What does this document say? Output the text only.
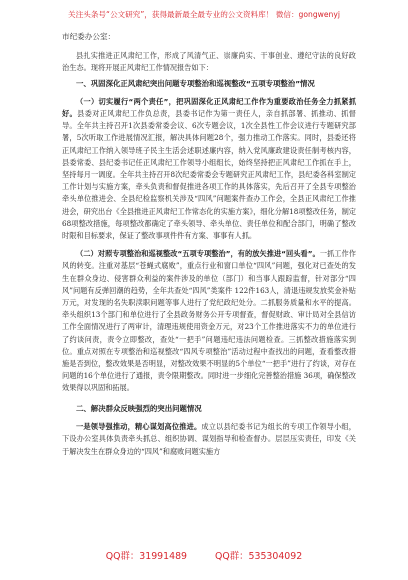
关注头条号“公文研究”，获得最新最全最专业的公文资料库！ 微信：gongwenyj

市纪委办公室：

县扎实推进正风肃纪工作，形成了风清气正、崇廉尚实、干事创业、遵纪守法的良好政治生态。现将开展正风肃纪工作情况报告如下：

一、巩固深化正风肃纪突出问题专项整治和巡视整改“五项专项整治”情况

（一）切实履行“两个责任”，把巩固深化正风肃纪工作作为重要政治任务全力抓紧抓好。县委对正风肃纪工作负总责，县委书记作为第一责任人，亲自抓部署、抓推动、抓督导。全年共主持召开1次县委常委会议、6次专题会议，1次全县性工作会议进行专题研究部署，5次听取工作进展情况汇报，解决具体问题28个，强力推动工作落实。同时，县委还将正风肃纪工作纳入领导班子民主生活会述职述廉内容，纳入党风廉政建设责任制考核内容，县委常委、县纪委书记任正风肃纪工作领导小组组长，始终坚持把正风肃纪工作抓在手上，坚持每月一调度。全年共主持召开8次纪委常委会专题研究正风肃纪工作，县纪委各科室制定工作计划与实施方案，牵头负责和督促推进各项工作的具体落实，先后召开了全县专项整治牵头单位推进会、全县纪检监察机关涉及“四风”问题案件查办工作会，全县正风肃纪工作推进会，研究出台《全县推进正风肃纪工作常态化的实施方案》，细化分解18项整改任务，制定68项整改措施，每项整改都确定了牵头领导、牵头单位、责任单位和配合部门，明确了整改时限和目标要求，保证了整改事项件件有方案、事事有人抓。

（二）对照专项整治和巡视整改“五项专项整治”，有的放矢推进“回头看”。一抓工作作风的转变。注重对基层“苍蝇式腐败”，重点行业和窗口单位“四风”问题，强化对已查处的发生在群众身边、侵害群众利益的案件涉及的单位（部门）和当事人跟踪监督，针对部分“四风”问题有反弹回潮的趋势，全年共查处“四风”类案件 122件163人，清退违规发放奖金补贴万元，对发现的名失职渎职问题等事人进行了党纪政纪处分。二抓服务质量和水平的提高。牵头组织13个部门和单位进行了全县政务财务公开专项督查，督促财政、审计局对全县信访工作全面情况进行了两审计，清理违规使用资金万元，对23个工作推进落实不力的单位进行了约谈问责，责令立即整改，查处“一把手”问题违纪违法问题检查。三抓整改措施落实到位。重点对照在专项整治和巡视整改“四风专项整治”活动过程中查找出的问题，查看整改措施是否到位，整改效果是否明显，对整改效果不明显的5个单位“一把手”进行了约谈，对存在问题的16个单位进行了通报，责令限期整改。同时进一步细化完善整治措施 36项，确保整改效果得以巩固和拓展。

二、解决群众反映强烈的突出问题情况

一是领导强推动，精心谋划高位推进。成立以县纪委书记为组长的专项工作领导小组，下设办公室具体负责牵头抓总、组织协调、谋划指导和检查督办。层层压实责任，印发《关于解决发生在群众身边的“四风”和腐败问题实施方

QQ群：31991489	QQ群：535304092
